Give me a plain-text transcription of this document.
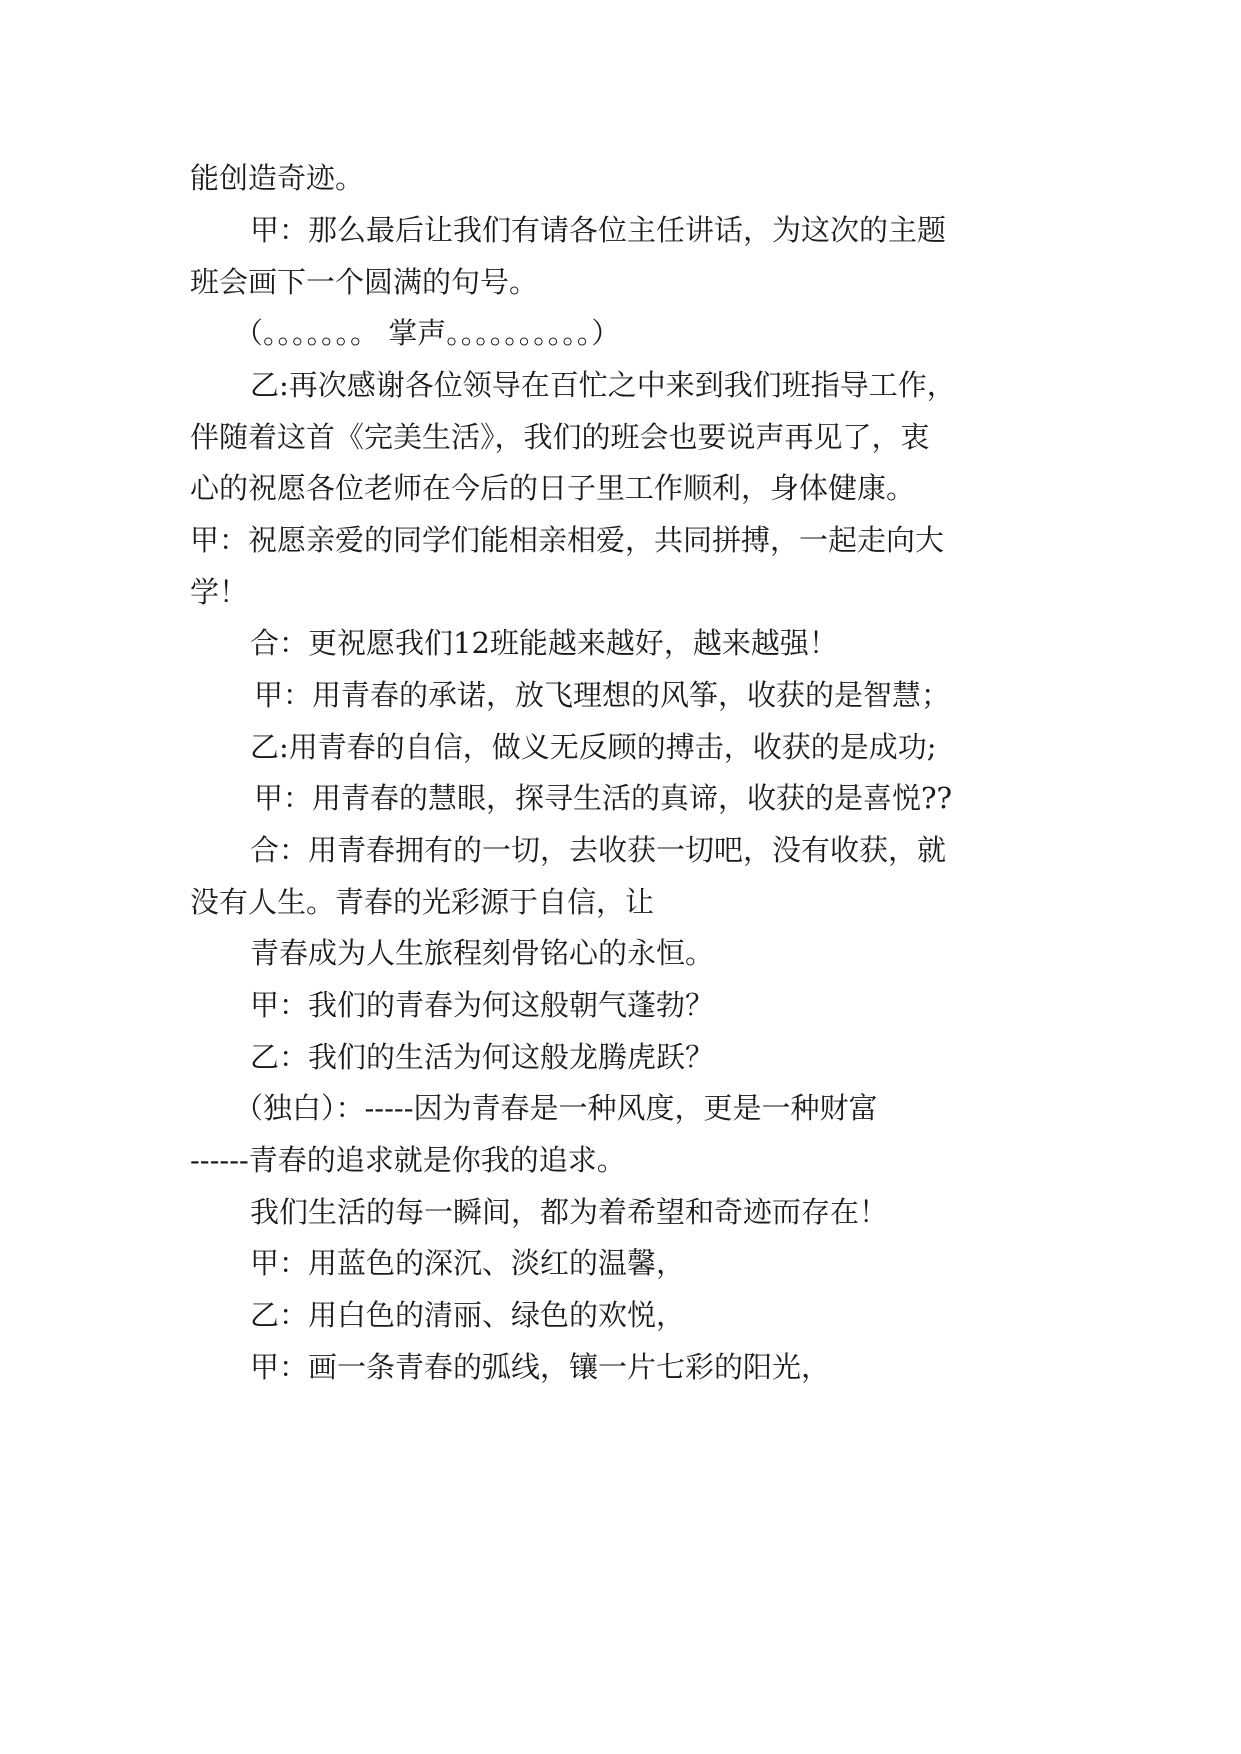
能创造奇迹。
甲：那么最后让我们有请各位主任讲话，为这次的主题
班会画下一个圆满的句号。
（。。。。。。。 掌声。。。。。。。。。。）
乙:再次感谢各位领导在百忙之中来到我们班指导工作，
伴随着这首《完美生活》，我们的班会也要说声再见了，衷
心的祝愿各位老师在今后的日子里工作顺利，身体健康。
甲：祝愿亲爱的同学们能相亲相爱，共同拼搏，一起走向大
学！
合：更祝愿我们12班能越来越好，越来越强！
甲：用青春的承诺，放飞理想的风筝，收获的是智慧；
乙:用青春的自信，做义无反顾的搏击，收获的是成功;
甲：用青春的慧眼，探寻生活的真谛，收获的是喜悦??
合：用青春拥有的一切，去收获一切吧，没有收获，就
没有人生。青春的光彩源于自信，让
青春成为人生旅程刻骨铭心的永恒。
甲：我们的青春为何这般朝气蓬勃？
乙：我们的生活为何这般龙腾虎跃？
（独白）：-----因为青春是一种风度，更是一种财富
------青春的追求就是你我的追求。
我们生活的每一瞬间，都为着希望和奇迹而存在！
甲：用蓝色的深沉、淡红的温馨，
乙：用白色的清丽、绿色的欢悦，
甲：画一条青春的弧线，镶一片七彩的阳光，
